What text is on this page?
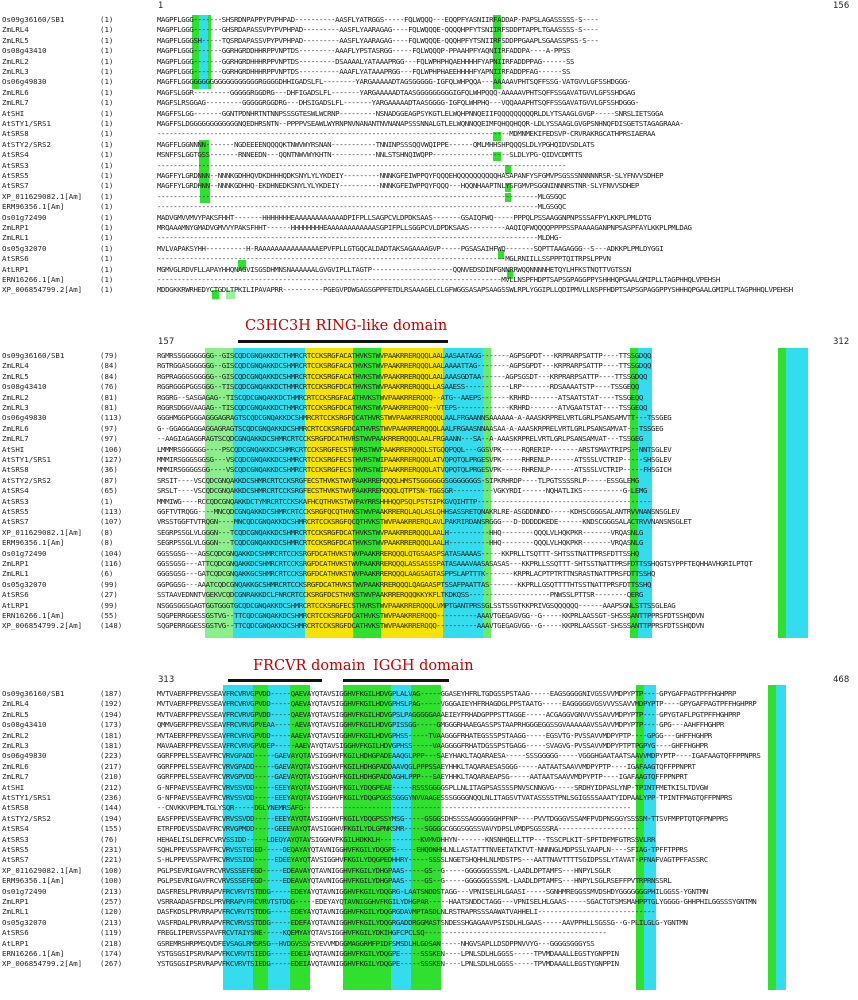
1	156
C3HC3H RING-like domain
157	312
FRCVR domain IGGH domain
313	468
Os09g36160/SB1	(1)	MAGPFLGGG-------SHSRDNPAPPYPVPHPAD----------AASFLYATRGGS-----FQLWQQQ---EQQPFYASNIIRFADDAP-PAPSLAGASSSSS-S----
ZmLRL4	(1)	MAGPFLGGG-------GHSRDAPASSVPYPVPHPAD---------AASFLYAARAGAG----FQLWQQQE-QQQQHPFYTSNIIRFSDDPTAPPLTGAASSSS-S----
ZmLRL5	(1)	MAGPFLGGGSH-----TQSRDAPASSVPYPVPHPAD---------AASFLYAARAGAG----FQLWQQQE-QQQHPFYTSNIIRFSDDPPGAAPLSGAASSPSS-S---
Os08g43410	(1)	MAGPFLGGG-------GGRHGRDDHHRPPVNPTDS---------AAAFLYPSTASRGG-----FQLWQQQP-PPAAHPFYAQNIIRFADDPA----A-PPSS
ZmLRL2	(1)	MAGPFLGGG-------GGRHGRDHHHRPPVNPTDS---------DSAAAALYATAAAPRGG---FQLWPHPHQAEHHHHFYAPNIIRFADDPPAG------SS
ZmLRL3	(1)	MAGPFLGGG-------GGRHGRDHHHRPPVNPTDS----------AAAFLYATAAAPRGG---FQLWPHPHAEEHHHHFYAPNIIRFADDPFAG------SS
Os06g49830	(1)	MAGFFLGGGGGGGGGGGGGGGGGGGRGGGGDHHIGADSLFL--------YARGAAAAADTAGSGGGGG-IGFQLWHPQQA---AAAAAVPHTSQFFSSG-VATGVVLGFSSHDGGG-
ZmLRL6	(1)	MAGFSLGGR---------GGGGGRGGDRG---DHFIGADSLFL-------YARGAAAAADTAASGGGGGGGGGIGFQLWHPQQQ-AAAAAVPHTSQFFSSGAVATGVVLGFSSHDGAG
ZmLRL7	(1)	MAGFSLRSGGAG---------GGGGGRGGDRG---DHSIGADSLFL-------YARGAAAAADTAASGGGG-IGFQLWHPHQ---VQQAAAPHTSQFFSSGAVATGVVLGFSSHDGGG-
AtSHI	(1)	MAGFFSLGG-------GGNTPDNHRTNTNNPSSSGTESWLWCRNP---------NSNADGGEAGPSYKGTLELWQHPNNQEIIFQQQQQQQQQRLDLYTSAAGLGVGP-----SNRSLIETSGGA
AtSTY1/SRS1	(1)	MAGFFSLDGGGGGGGGGGGGNQEDHRSNTN--PPPPVSEAWLWYRNPNVNANANTNVNANAPSSSNNALGTLELWQNNQQEIMFQHQQHQQR-LDLYSSAAGLGVGPSNHNQFDISGETSTAGAGRAAA-
AtSRS8	(1)	---------------------------------------------------------------------------------------MDMNMEKIFEDSVP-CRVRAKRGCATHPRSIAERAA
AtSTY2/SRS2	(1)	MAGFFLGGNNNN-------NGDEEEENQQQQKTNWVWYRSNAN-----------TNNINPSSSQQVWQIPPE------QMLMHHSHPQQQSLDLYPGHQIDVSDLATS
AtSRS4	(1)	MSNFFSLGGTGSS-------RNNEEDN---QQNTNWVWYKHTN-----------NNLSTSHNQIWQPP-------------------SLDLYPG-QIDVCDMTTS
AtSRS3	(1)	-----------------------------------------------------------------------------------------------------
AtSRS5	(1)	MAGFFYLGRDNNN--NNNKGDHHQVDKDHHHQDKSNYLYLYKDEIY---------NNNKGFEIWPPQYFQQQEHQQQQQQQQQQHASAPANFYSFGMVPSGSSSNNNNNRSR-SLYFNVVSDHEP
AtSRS7	(1)	MAGFFYLGRDHNN--NNNKGDHHQ-EKDHNEDKSNYLYLYKDEIY----------NNNKGFEIWPPQYFQQQ---HQQNHAAPTNLYSFGMVPSGGNINNNRSTNR-SLYFNVVSDHEP
XP_011629082.1[Am]	(1)	----------------------------------------------------------------------------------------------MLGSGQC
ERM96356.1[Am]	(1)	----------------------------------------------------------------------------------------------MLGSGQC
Os01g72490	(1)	MADVGMVVMVYPAKSFHHT-------HHHHHHHEAAAAAAAAAAAADPIFPLLSAGPCVLDPDKSAAS-------GSAIQFWQ-----PPPQLPSSAAGGNPNPSSSAFPYLKKPLPMLDTG
ZmLRP1	(1)	MRQAAAMNYGMADVGMVVYPAKSFHHT------HHHHHHHHEAAAAAAAAAAAASGPIFPLLSGGPCVLDPDKSAAS---------AAQIQFWQQQQPPPPSSPAAAAGANPNPSASPFAYLKKPLPMLDAG
ZmLRL1	(1)	----------------------------------------------------------------------------------------------MLDHG-
Os05g32070	(1)	MVLVAPAKSYHH----------H-RAAAAAAAAAAAAAAAEPVFPLLGTGQCALDADTAKSAGAAAAGVP-----PGSASAIHFWQ-------SQPTTAAGAGGG--S---ADKKPLPMLDYGGI
AtSRS6	(1)	--------------------------------------------------------------------------------------MGLRNIILLSSPPPTQITRPSLPPVN
AtLRP1	(1)	MGMVGLRDVFLLAPAYHHQNAGVISGSDHMNSNAAAAAALGVGVIPLLTAGTP--------------------QQNVEDSDINFGNNRRWQQNNNNHETQYLHFKSTNQTTVGTSSN
ERN16266.1[Am]	(1)	-------------------------------------------------------------------------------------MVLLNSPFHDPTSAPSGPAGGPPYSHHHQPGAALGMIPLLTAGPHHQLVPEHSH
XP_006854799.2[Am]	(1)	MDDGKKRWRHEDYCTGDLTPKILIPAVAPRR----------PGEGVPDWGAGSGPPFETDLRSAAAGELCLGFWGGSASAPSAAGSSWLRPLYGGIPLLQDIPMVLLNSPFHDPTSAPSGPAGGPPYSHHHQPGAALGMIPLLTAGPHHQLVPEHSH
Os09g36160/SB1	(79)	RGMRSSGGGGGGGG--GISCQDCGNQAKKDCTHMRCRTCCKSRGFACATHVKSTWVPAAKRRERQQQLAALAASAATAGG-------AGPSGPDT---KRPRARPSATTP----TTSSGDQQ
ZmLRL4	(84)	RGTRGGASGGGGGG--GISCQDCGNQAKKDCSHMRCRTCCKSRGFACATHVKSTWVPAAKRRERQQQLAALAAAATTAG--------AGPSGPDT---KRPRARPSATTP----TTSSGDQQ
ZmLRL5	(84)	RGPRAGGGSGGGGG--GISCQDCGNQAKKDCSHMRCRTCCKSRGFACATHVKSTWVPAAKRRERQQQLAALAAASGDTAA------AGPSGSDT---KRPRARPSATTP----TTSSGDQQ
Os08g43410	(76)	RGGRGGGPGGSGGG--TISCQDCGNQAKKDCTHMRCRTCCKSRGFDCATHVKSTWVPAAKRRERQQQLLASAAESS-----------LRP-------RDSAAAATSTP----TSSGEQQ
ZmLRL2	(81)	RGGRG--SASGAGAG--TISCQDCGNQAKKDCTHMRCRTCCKSRGFACATHVKSTWVPAAKRRERQQQ--ATG--AAEPS-------KRHRD-------ATSAATSTAT----TSSGEQQ
ZmLRL3	(81)	RGGRSDGGVAAGAG--TISCQDCGNQAKKDCTHMRCRTCCKSRGFDCATHVKSTWVPAAKRRERQQQ--VTEPS-------------KRHRD-------ATVGAATSTAT----TSSGEQQ
Os06g49830	(113)	GGGHMGGPGGGAGGGAGRAGTSCQDCGNQAKKDCSHMRCRTCCKSRGFDCATHVRSTWVPAAKRRERQQQLAALFRGAANNSAAAAAA-A-AAASKRPRELVRTLGRLPSANSAMVTT---TSSGEG
ZmLRL6	(97)	G--GGAGGAGGAGGAGRAGTSCQDCGNQAKKDCSHMRCRTCCKSRGFDCATHVRSTWVPAAKRRERQQQLAALFRGAASNNAASAA-A-AAASKRPRELVRTLGRLPSANSAMVAT---TSSGEG
ZmLRL7	(97)	--AAGIAGAGGRAGTSCQDCGNQAKKDCSHMRCRTCCKSRGFDCATHVRSTWVPAAKRRERQQQLAALFRGAANN---SA--A-AAASKRPRELVRTLGRLPSANSAMVAT---TSSGEG
AtSHI	(106)	LMMMRSGGGGGG----PSCQDCGNQAKKDCSHMRCRTCCKSRGFECSTHVRSTWVPAAKRRERQQQLSTGQQPQQL---GGSVPK-----RQRERIP-------ARSTSMAYTRIPS--NNTSGLEV
AtSTY1/SRS1	(127)	MMMIRSGGGSGGSG---VSCQDCGNQAKKDCSHMRCRTCCKSRGFECSTHVRSTWIPAAKRRERQQQLATVQPQTQLPRGESVPK-----RHRENLP------ATSSSLVCTRIP-----SHSGLEV
AtSRS8	(36)	MMMIRSGGGGSGG----VSCQDCGNQAKKDCSHMRCRTCCKSRGFECSTHVRSTWIPAAKRRERQQQLATVQPQTQLPRGESVPK-----RHRENLP------ATSSSLVCTRIP-----FHSGICH
AtSTY2/SRS2	(87)	SRSIT----VSCQDCGNQAKKDCSHMRCRTCCKSRGFECSTHVKSTWVPAAKRRERQQQLHMSTSGGGGGGSGGGGGGGS-SIPKRHRDP----TLPGTSSSSRLP-----ESSGLEMG
AtSRS4	(65)	SRSLT----VSCQDCGNQAKKDCSHMRCRTCCKSRGFECSTHVKSTWVPAAKRRERQQQLQTPTSN-TGGSGR----------VGKYRDI------NQHATLIKS----------G-LEMG
AtSRS3	(1)	MMMIWG----RCCQDCGNQAKKDCTYMRCRTCCKSKAFHCQTHVKSTWVPAYRRSHHHQQPSQLPSTSIPKGVQIHTTP-------------------------------------------
AtSRS5	(113)	GGFTVTRQGG----MNCQDCGNQAKKDCSHMRCRTCCKSRGFQCQTHVKSTWVPAAKRRERQLAQLASLQHHSASSRETQNAKRLRE-ASGDDNNDD-----KDHSCGGGSALANTRVVNANSNSGLEV
AtSRS7	(107)	VRSSTGGFTVTRQGN----MNCQDCGNQAKKDCSHMRCRTCCKSRGFQCQTHVKSTWVPAAKRRERQLAVLPAKRIRDANSRGGG---D-DDDDDKEDE------KNDSCGGGSALACTRVVNANSNSGLET
XP_011629082.1[Am]	(8)	SEGRPSSGLVLGGGN---TCQDCGNQAKKDCSHMRCRTCCKSRGFDCATHVKSTWVPAAKRRERQQQLAALH----------HHQ--------QQQLVLHQKPKR-------VRQASNLG
ERM96356.1[Am]	(8)	SEGRPSSGLVLGGGN---TCQDCGNQAKKDCSHMRCRTCCKSRGFDCATHVKSTWVPAAKRRERQQQLAALH----------HHQ--------QQQLVLHQKPKR-------VRQASNLG
Os01g72490	(104)	GGSSGSG---AGSCQDCGNQAKKDCSHMRCRTCCKSRGFDCATHVKSTWVPAAKRRERQQQLQTGSAASPSATASAAAAS-----KKPRLLTSQTTT-SHTSSTNATTPRSFDTTSSHQ
ZmLRP1	(116)	GGSSGSG---ATTCQDCGNQAKKDCSHMRCRTCCKSRGFDCATHVKSTWVPAAKRRERQQQLASSASSSPATASAAAVAASASASAS---KKPRLLSSQTTT-SHTSSTNATTPRSFDTTSSHQGTSYPPFTEQHHAVHGRILPTQT
ZmLRL1	(6)	GGGSGSG---GATCQDCGNQAKKGCSHMRCRTCCKSRGFDCATHVKSTWVPAAKRRERQQQLAAGSAGTASPPSLAPTTTK-------KRPRLACPTPTRTTNSRASTNATTPRSFDTTSSHQ
Os05g32070	(99)	GGPGGSG---AAATCQDCGNQAKKGCSHMRCRTCCKSRGFDCATHVKSTWVPAAKRRERQQQLQAGAASPTSSAFPAATTAS-------KKPRLLGSQTTTTHTSSTNATTPRSFDTTSSHQ
AtSRS6	(27)	SSTAAVEDNNTVGEKVCQDCGNRAKKDCLFNRCRTCCKSRGFDCSTHVKSTWVPAAKRRERQQQKKYKFLTKDKQSS--------------------PNWSSLPTTSR--------QERG
AtLRP1	(99)	NSGGSGGSGAGTGGTGGGTGCQDCGNQAKKDCSHMRCRTCCKSRGFECSTHVRSTWVPAAKRRERQQQLVMPTGANTPRSSGLSSTSSGTKKPRIVGSQQQQQQ------AAAPSGNLSTTSSGLEAG
ERN16266.1[Am]	(55)	SQGPERRGGESSGSTVG--TTCQDCGNQAKKDCSHMRCRTCCKSRGFDCATHVKSTWVPAAKRRERQQQ----------AAAVTGEGAGVGG--G-----KKPRLAASSGT-SHSSSANTTPPRSFDTSSHQDVN
XP_006854799.2[Am]	(148)	SQGPERRGGESSGSTVG--TTCQDCGNQAKKDCSHMRCRTCCKSRGFDCATHVKSTWVPAAKRRERQQQ----------AAAVTGEGAGVGG--G-----KKPRLAASSGT-SHSSSANTTPPRSFDTSSHQDVN
Os09g36160/SB1	(187)	MVTVAERFPREVSSEAVFRCVRVGPVDD-----QAEVAYQTAVSIGGHVFKGILHDVGPLALVAG-----GGASEYHFRLTGDGSSPSTAAG-----EAGSGGGGNIVGSSVVMDPYPTP----GPYGAFPAGTPFFHGHPRP
ZmLRL4	(192)	MVTVAERFPREVSSEAVFRCVRVGPVDD-----QAEVAYQTAVSIGGHVFKGILHDVGPHSLPAG-----VGGGAIEYHFRHAGDGLPPSTAATG-----EAGGGGGVGSVVVSSAVVMDPYPTP----GPYGAFPAGTPFFHGHPRP
ZmLRL5	(194)	MVTVAERFPREVSSEAVFRCVRVGPVDD-----QAEVAYQTAVSIGGHVFKGILHDVGPSLPAGGGGGAAAEIEYFRHADGPPPSTTAGGE-----ACGAGGVGNVVVSSAVVMDPYPTP----GPYGTAFLPGTPFFHGHPRP
Os08g43410	(173)	QMMVGERFPREVSSEAVFRCVRVGPVEAA-----AEVAYQTAVSIGGHVFKGILHDVGPISSGG-----GMGGGRHAAEGASSPSTAAPRHGGGEGGSSGVAAAAAAVSSAVVMDPYPTP----GPG---AAHFFHGHPR
ZmLRL2	(181)	MVTAEERFPREVSSEAVFRCVRVGPVDD-----AAEVAYQTAVSIGGHVFKGILHDVGPHSS-----TVAAGGGFRHATEGSSSPSTAAGG-----EGSVTG-PVSSAVVMDPYPTP----GPGG---GHFFHGHPR
ZmLRL3	(181)	MAVAAERFPREVSSEAVFRCVRVGPVDEP-----AAEVAYQTAVSIGGHVFKGILHDVGPHSS-----VAAGGGGFRHATDGSSPSTGAGG-----SVAGVG-PVSSAVVMDPYPTPTPGPYG----GHFFHGHPR
Os06g49830	(223)	GGRFPPELSSEAVFRCVRVGPADD-----GAEVAYQTAVSIGGHVFKGILHDHGPADEAAQGLPPP---SAEYHAKLTAQARAESA-----SSSGGGGG-----VGGGHGAATAATSAAVVMDPYPTP----IGAFAAGTQFFPPNPRS
ZmLRL6	(217)	GGRFPPELSSEAVFRCVRVGPADD-----GAEVAYQTAVSIGGHVFKGILHDHGPADDAAVQGLPPPSSAEYHHKLTAQARAESASGGG-----AATAATSAAVVMDPYPTP----IGAFAAGTQFFPPNPRT
ZmLRL7	(210)	GGRFPPELSSEAVFRCVRVGPVDD-----GAEVAYQTAVSIGGHVFKGILHDHGPADDAGHLPPP---SAEYHHKLTAQARAEAPSG-----AATAATSAAVVMDPYPTP----IGAFAAGTQFFPPNPRT
AtSHI	(212)	G-NFPAEVSSEAVFRCVRVSSVDD-----EEEYAYQTAVSIGGHVFKGILYDQGPEAE-----RSSSGGGGSPLLNLITAGPSASSSSPNVSCNNGVG-----SRDHYIDPASLYNP-TPINTFMETKISLTDVGW
AtSTY1/SRS1	(236)	G-NFPAEVSSEAVFRCVRVSSVDD-----EEEYAYQTAVSIGGHVFKGILYDQGPGGSSGGGYNVVAAGESSSGGGGNQQLNLITAGSVTVATASSSSTPNLSGIGSSSAAATYIDPAALYPP-TPINTFMAGTQFFPNPRS
AtSRS8	(144)	--CNVKKVPEMLTGLYSQR-----DGLYNEMRSAFG---------------------------------------------------------------------------------
AtSTY2/SRS2	(194)	EASFPPEVSSEAVFRCVRVSSVDD-----EEEYAYQTAVSIGGHVFKGILYDQGPSSYMSG-----GSGGSDHSSSSAGGGGGGHPFNP----PVVTDGGGVSSAMFPVDPNSGGYSSSSM-TTSVFMPPTQTQFPNPPRS
AtSRS4	(155)	ETRFPDEVSSDAVFRCVRVGPMDD-----GEEEVAYQTAVSIGGHVFKGILYDLGPNKSMR-----SGGGGCGGGSGGSSVAVYDPSLVMDPSGSSSRA--------------------
AtSRS3	(76)	HEHAELISLDEFRCVRVSSIDD-----LDEQYAYQTAVSIGGHVFKGILHDKKLH----------KVMVDHHYN-------KNSNHQELLTTP---TSSCPLKIT-SPFTDFMFGTRSSVLRR
AtSRS5	(231)	SQHLPPEVSSPAVFRCVRVSSTEDED-----DEQAYAYQTAVNIGGHVFKGILYDQGPE-----EHQDNHHLNLLASTATTTNVEETATKTVT-NNNNGLMDPSSLYAAPLN----SFIAG-TPFFTPPRS
AtSRS7	(221)	S-HLPPEVSSPAVFRCVRVSSIDD-----EDEEYAYQTAVSIGGHVFKGILYDQGPEDHHRY-----SSSSLNGETSHQHHLNLMDSTPS---AATTNAVTTTTSGIDPSSLYTAVAT-PFNAFVAGTPFFASSRC
XP_011629082.1[Am]	(100)	PGLPSEVRIGAVFRCVRVSSSEFEGD-----EDEAVAYQTAVNIGGHVFKGILYDHGPAAS-----GS--G-----GGGGGGSSSML-LAADLDPTAMFS---HNPYLSGLR
ERM96356.1[Am]	(100)	PGLPSEVRIGAVFRCVRVSSSEFEGD-----EDEAVAYQTAVNIGGHVFKGILYDHGPAAS-----GS--G-----GGGGGGSSSML-LAADLDPTAMFS---HNPYLSGLRSEFFPVTRPRNSSRL
Os01g72490	(213)	DASFRESLPRVRRAPVFRCVRVTSTDDG-----EDEYAYQTAVNIGGHVFKGILYDQGRG-LAATSNDDSTAGG---VPNISELHLGAASI-----SGNHMREGGSSMVDSHDYGGGGGGGPHILGGSS-YGNTMN
ZmLRP1	(257)	VSRRAADASFRDSLPRVRRAPVFRCVRVTSTDDG-----EDEYAYQTAVNIGGHVFKGILYDHGPAR-----HAATSNDDCTAGG---VPNISELHLGAAS-----SGACTGTSMSMAHPPTGLYGGGG-GHHPHILGGSSSYGNTMN
ZmLRL1	(120)	DASFKDSLPRVRRAPVFRCVRVTSTDDG-----EDEYAYQTAVNIGGHVFKGILYDQGRGDAVMPTASDLNLRSTRAPRSSSAAWATVAHHELI-----------------------------
Os05g32070	(213)	VASFRDALPRVRRAPVFRCVRVSSTDDG-----EDEFAYQTAVNIGGHVFKGILYDQGRGADDRGGMASTSNDESSHGAGAAVPSISDLHLGAAS-----AAVPPHLLSGSSG--G-PLILGLG-YGNTMN
AtSRS6	(119)	FREGLIPERVSSPAVFRCVTAIYSNE-----KQEMYAYQTAVSIGGHVFKGILYDKIHGFCPCLSQ---------------------------------------------
AtLRP1	(218)	GSREMRSHRPMSQVDFEVSAGLRMSRSG--HVDGVSSVSYEVVMDGGMAGGRMFPIDFSMSDLHLGDSAN-----NHGVSAPLLDSDPPNVVYG---GGGGSGGGYSS
ERN16266.1[Am]	(174)	YSTGSGSIPSRVRAPVFKCVRVTSIEDG-----EDEIAVQTAVNIGGHVFKGILYDQGPE-----SSSKEN----LPNLSDLHLGGSS-----TPVMDAAALLEGSTYGNPPIN
XP_006854799.2[Am]	(267)	YSTGSGSIPSRVRAPVFKCVRVTSIEDG-----EDEIAVQTAVNIGGHVFKGILYDQGPE-----SSSKEN----LPNLSDLHLGGSS-----TPVMDAAALLEGSTYGNPPIN
